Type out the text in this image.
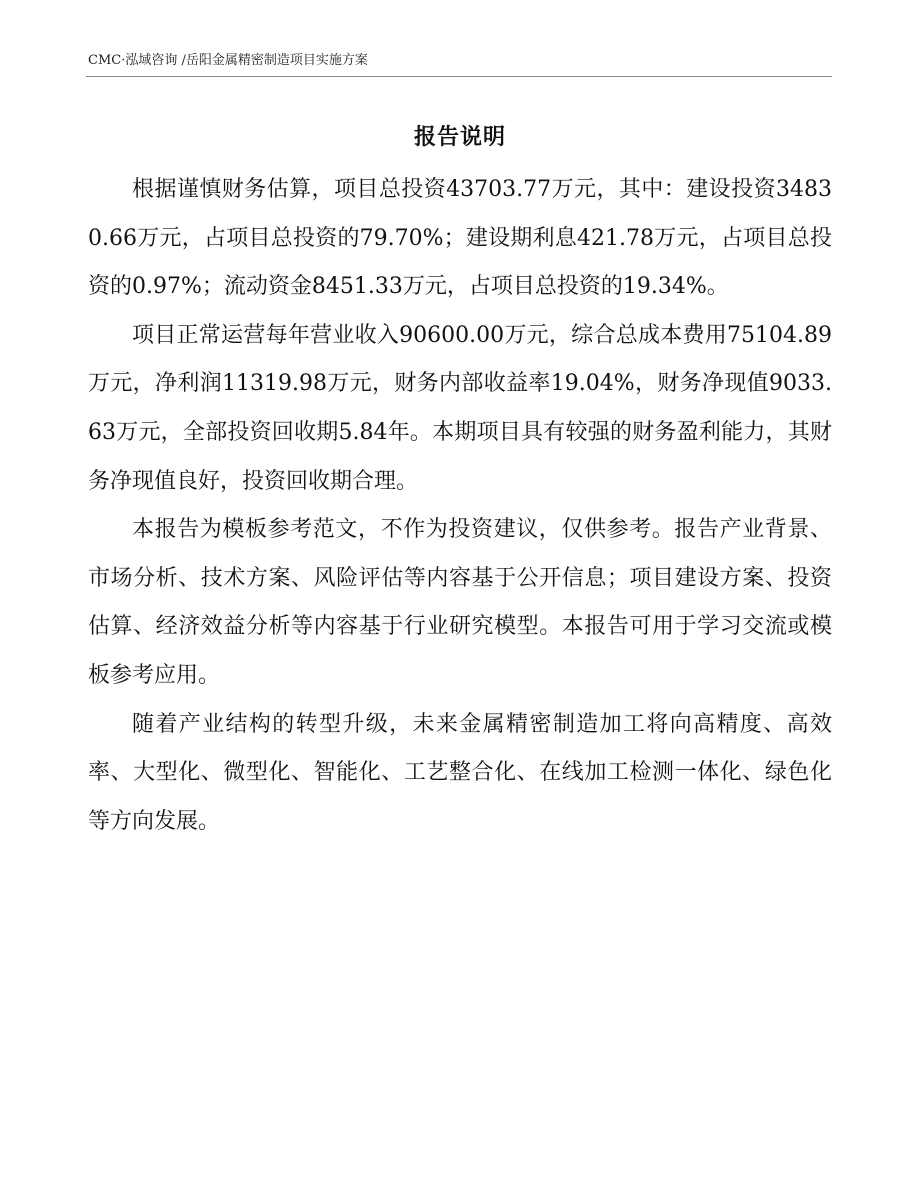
CMC·泓域咨询 /岳阳金属精密制造项目实施方案
报告说明

根据谨慎财务估算，项目总投资43703.77万元，其中：建设投资34830.66万元，占项目总投资的79.70%；建设期利息421.78万元，占项目总投资的0.97%；流动资金8451.33万元，占项目总投资的19.34%。

项目正常运营每年营业收入90600.00万元，综合总成本费用75104.89万元，净利润11319.98万元，财务内部收益率19.04%，财务净现值9033.63万元，全部投资回收期5.84年。本期项目具有较强的财务盈利能力，其财务净现值良好，投资回收期合理。

本报告为模板参考范文，不作为投资建议，仅供参考。报告产业背景、市场分析、技术方案、风险评估等内容基于公开信息；项目建设方案、投资估算、经济效益分析等内容基于行业研究模型。本报告可用于学习交流或模板参考应用。

随着产业结构的转型升级，未来金属精密制造加工将向高精度、高效率、大型化、微型化、智能化、工艺整合化、在线加工检测一体化、绿色化等方向发展。
